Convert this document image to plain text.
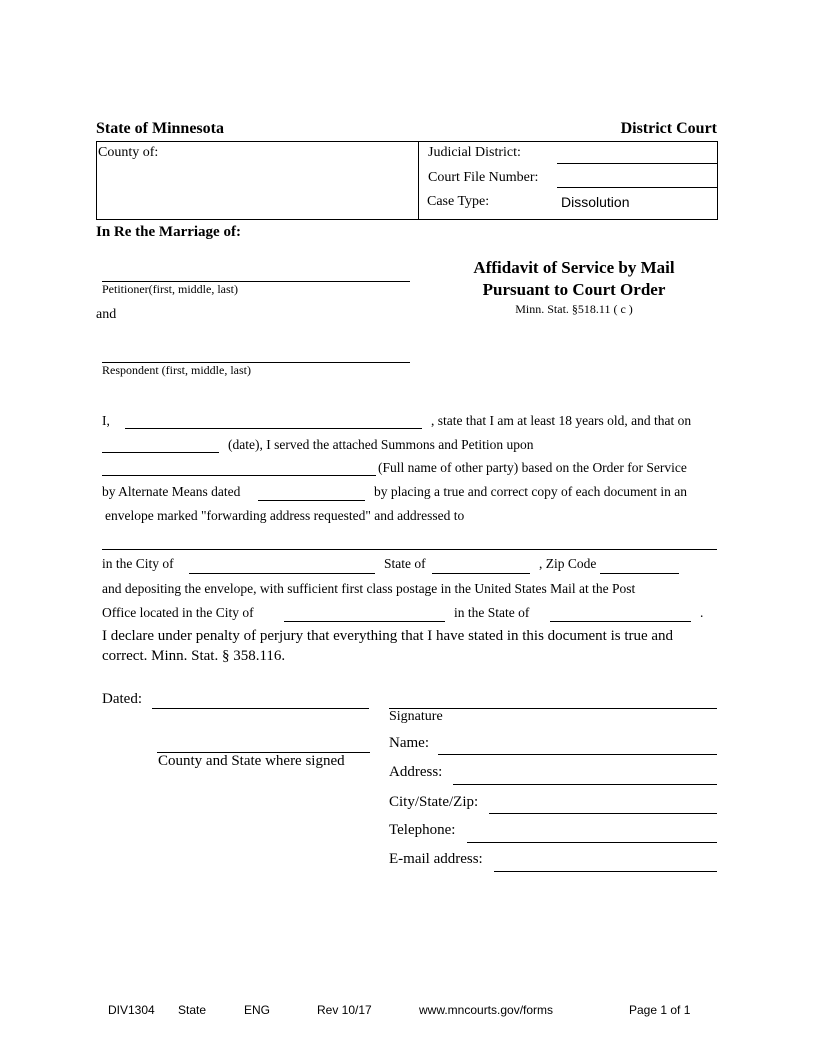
State of Minnesota	District Court
County of:	Judicial District:
Court File Number:
Case Type:	Dissolution
In Re the Marriage of:
Petitioner(first, middle, last)
and
Respondent (first, middle, last)
Affidavit of Service by Mail
Pursuant to Court Order
Minn. Stat. §518.11 ( c )
I,	, state that I am at least 18 years old, and that on
(date), I served the attached Summons and Petition upon
(Full name of other party) based on the Order for Service
by Alternate Means dated	by placing a true and correct copy of each document in an
envelope marked "forwarding address requested" and addressed to
in the City of	State of	, Zip Code
and depositing the envelope, with sufficient first class postage in the United States Mail at the Post
Office located in the City of	in the State of	.
I declare under penalty of perjury that everything that I have stated in this document is true and
correct. Minn. Stat. § 358.116.
Dated:
County and State where signed
Signature
Name:
Address:
City/State/Zip:
Telephone:
E-mail address:
DIV1304 State	ENG	Rev 10/17	www.mncourts.gov/forms	Page 1 of 1
